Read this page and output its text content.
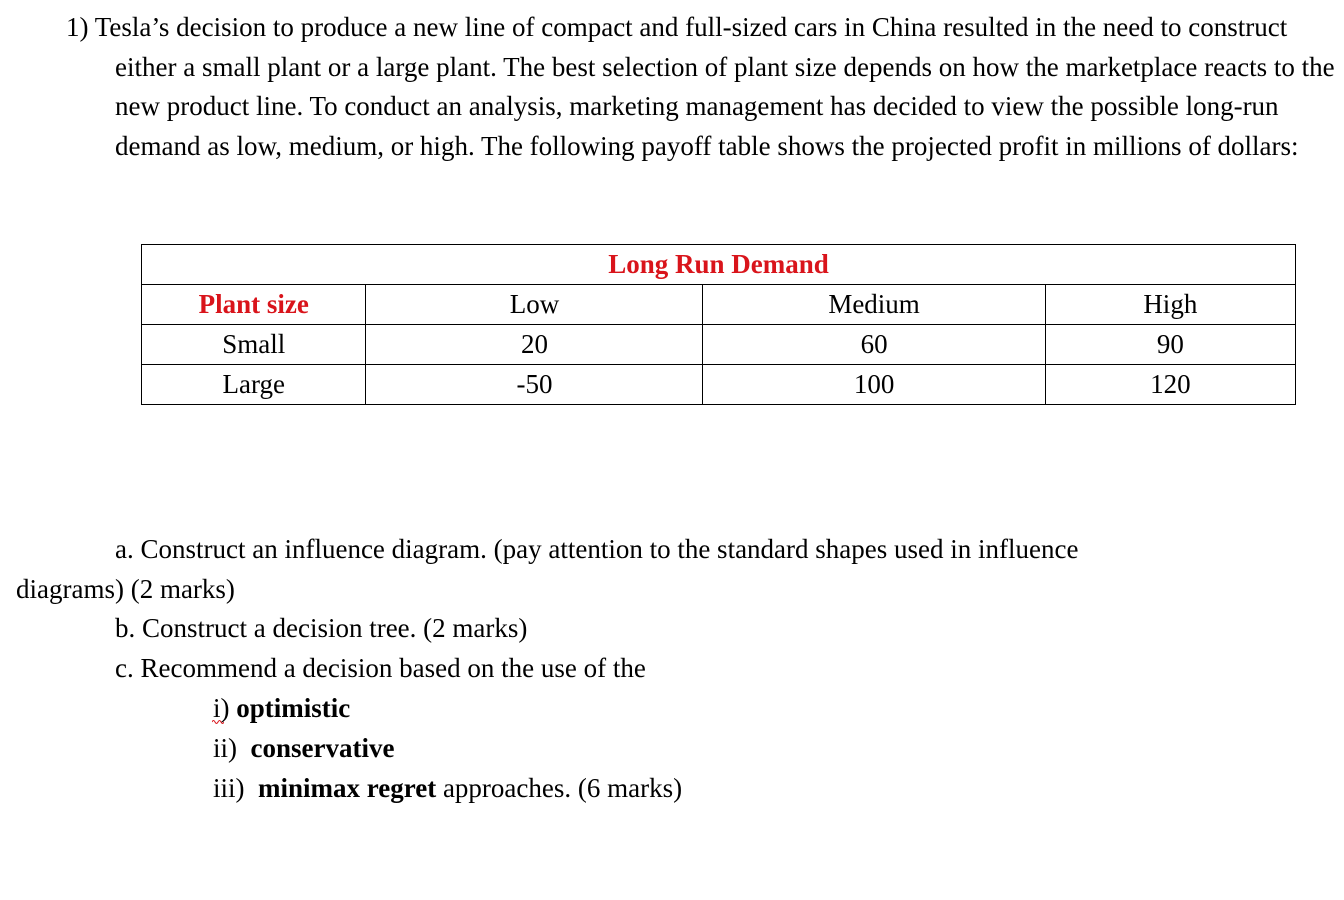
1) Tesla’s decision to produce a new line of compact and full-sized cars in China resulted in the need to construct either a small plant or a large plant. The best selection of plant size depends on how the marketplace reacts to the new product line. To conduct an analysis, marketing management has decided to view the possible long-run demand as low, medium, or high. The following payoff table shows the projected profit in millions of dollars:

Long Run Demand			
Plant size	Low	Medium	High
Small	20	60	90
Large	-50	100	120
a. Construct an influence diagram. (pay attention to the standard shapes used in influence
diagrams) (2 marks)

b. Construct a decision tree. (2 marks)

c. Recommend a decision based on the use of the

i) optimistic

ii) conservative

iii) minimax regret approaches. (6 marks)
